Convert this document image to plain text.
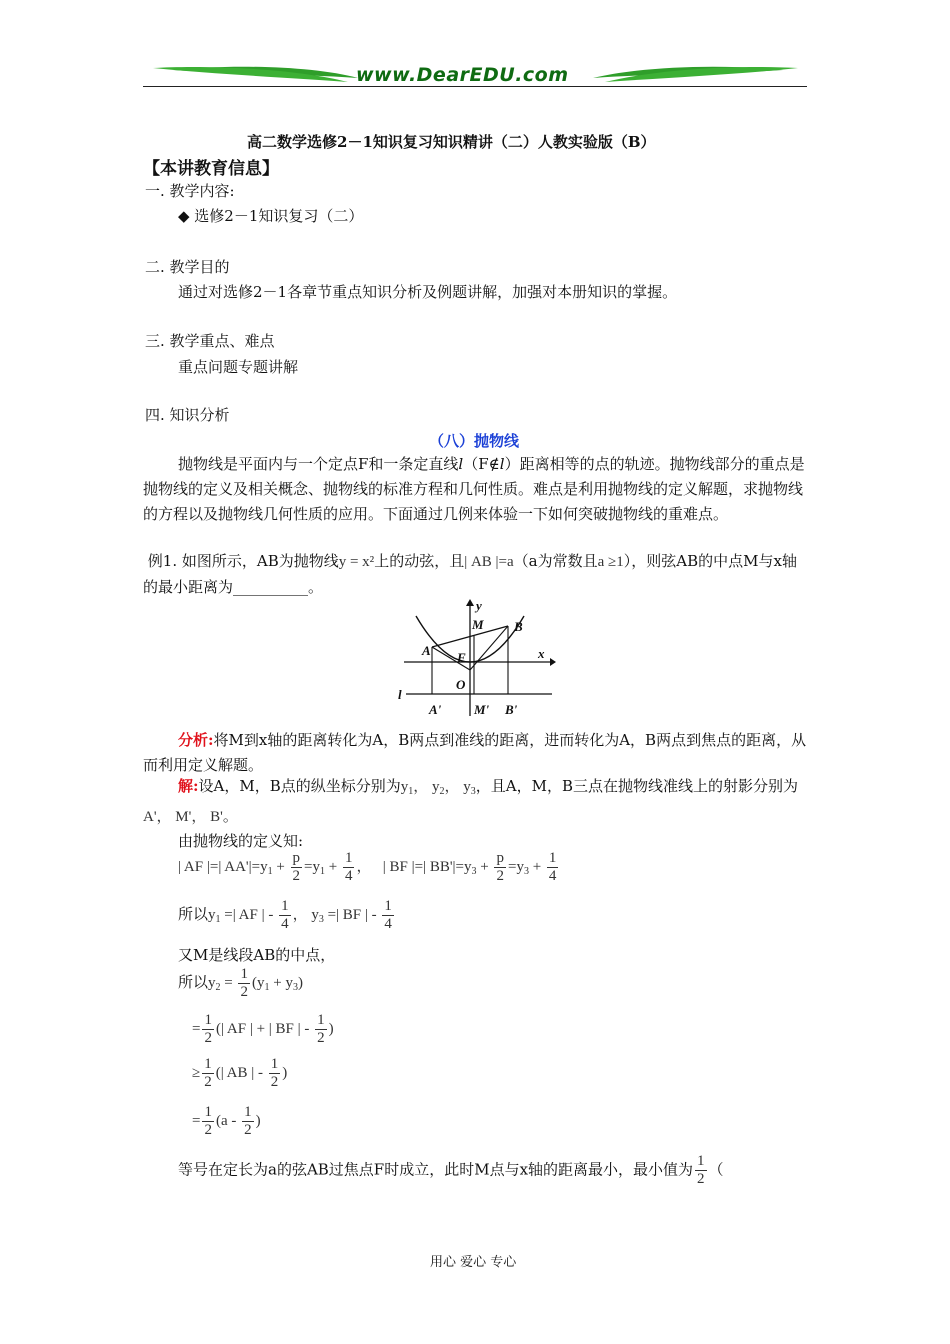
www.DearEDU.com
高二数学选修2－1知识复习知识精讲（二）人教实验版（B）
【本讲教育信息】
一. 教学内容:
◆ 选修2－1知识复习（二）
二. 教学目的
通过对选修2－1各章节重点知识分析及例题讲解，加强对本册知识的掌握。
三. 教学重点、难点
重点问题专题讲解
四. 知识分析
（八）抛物线
抛物线是平面内与一个定点F和一条定直线l（F∉l）距离相等的点的轨迹。抛物线部分的重点是抛物线的定义及相关概念、抛物线的标准方程和几何性质。难点是利用抛物线的定义解题，求抛物线的方程以及抛物线几何性质的应用。下面通过几例来体验一下如何突破抛物线的重难点。
例1. 如图所示，AB为抛物线y = x²上的动弦，且| AB |=a（a为常数且a ≥1），则弦AB的中点M与x轴的最小距离为__________。
y
x
M B
A F
O
l
A'	M' B'
分析:将M到x轴的距离转化为A，B两点到准线的距离，进而转化为A，B两点到焦点的距离，从而利用定义解题。
解:设A，M，B点的纵坐标分别为$y_1$， $y_2$， $y_3$，且A，M，B三点在抛物线准线上的射影分别为A'， M'， B'。
由抛物线的定义知:
| AF |=| $AA'|=y_1 + \frac{p}{2} =y_1 + \frac{1}{4}$ ， | BF |=| $BB'|=y_3 + \frac{p}{2} =y_3 + \frac{1}{4}$
所以$y_1$ =| AF | - $\frac{1}{4}$ ， $y_3$ =| BF | - $\frac{1}{4}$
又M是线段AB的中点，
所以$y_2 = \frac{1}{2} (y_1 + y_3)$
= $\frac{1}{2}$ (| AF | + | BF | - $\frac{1}{2}$ )
≥ $\frac{1}{2}$ (| AB | - $\frac{1}{2}$ )
= $\frac{1}{2} (a - \frac{1}{2}$ )
等号在定长为a的弦AB过焦点F时成立，此时M点与x轴的距离最小，最小值为 $\frac{1}{2}$ （
用心 爱心 专心
